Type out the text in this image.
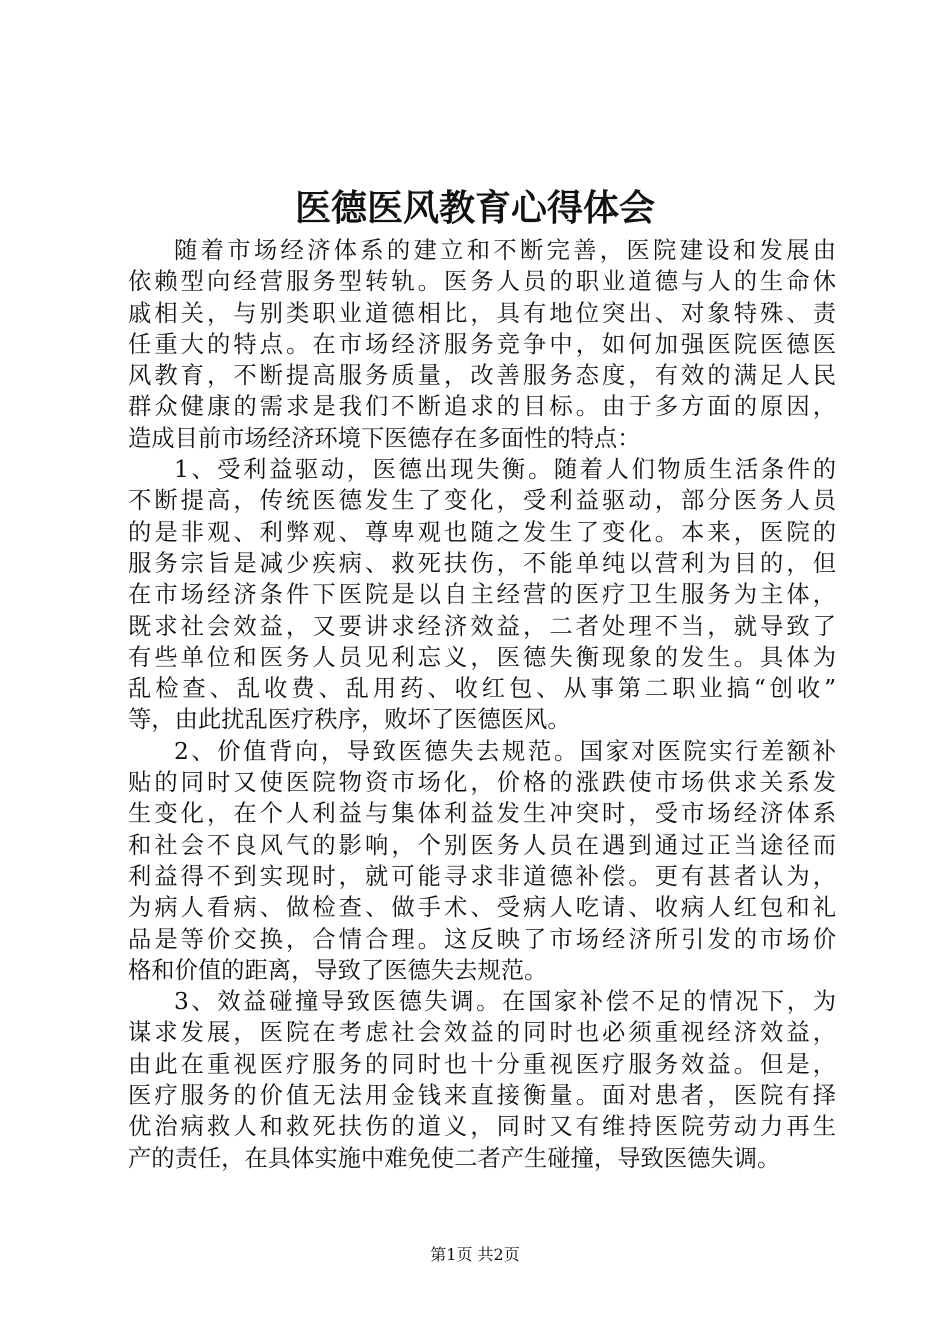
医德医风教育心得体会
随着市场经济体系的建立和不断完善，医院建设和发展由
依赖型向经营服务型转轨。医务人员的职业道德与人的生命休
戚相关，与别类职业道德相比，具有地位突出、对象特殊、责
任重大的特点。在市场经济服务竞争中，如何加强医院医德医
风教育，不断提高服务质量，改善服务态度，有效的满足人民
群众健康的需求是我们不断追求的目标。由于多方面的原因，
造成目前市场经济环境下医德存在多面性的特点：
1、受利益驱动，医德出现失衡。随着人们物质生活条件的
不断提高，传统医德发生了变化，受利益驱动，部分医务人员
的是非观、利弊观、尊卑观也随之发生了变化。本来，医院的
服务宗旨是减少疾病、救死扶伤，不能单纯以营利为目的，但
在市场经济条件下医院是以自主经营的医疗卫生服务为主体，
既求社会效益，又要讲求经济效益，二者处理不当，就导致了
有些单位和医务人员见利忘义，医德失衡现象的发生。具体为
乱检查、乱收费、乱用药、收红包、从事第二职业搞“创收”
等，由此扰乱医疗秩序，败坏了医德医风。
2、价值背向，导致医德失去规范。国家对医院实行差额补
贴的同时又使医院物资市场化，价格的涨跌使市场供求关系发
生变化，在个人利益与集体利益发生冲突时，受市场经济体系
和社会不良风气的影响，个别医务人员在遇到通过正当途径而
利益得不到实现时，就可能寻求非道德补偿。更有甚者认为，
为病人看病、做检查、做手术、受病人吃请、收病人红包和礼
品是等价交换，合情合理。这反映了市场经济所引发的市场价
格和价值的距离，导致了医德失去规范。
3、效益碰撞导致医德失调。在国家补偿不足的情况下，为
谋求发展，医院在考虑社会效益的同时也必须重视经济效益，
由此在重视医疗服务的同时也十分重视医疗服务效益。但是，
医疗服务的价值无法用金钱来直接衡量。面对患者，医院有择
优治病救人和救死扶伤的道义，同时又有维持医院劳动力再生
产的责任，在具体实施中难免使二者产生碰撞，导致医德失调。
第1页 共2页
